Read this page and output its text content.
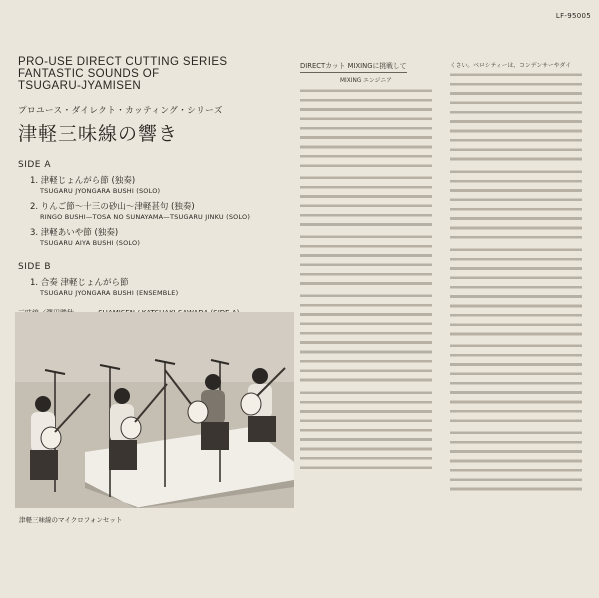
LF-95005
PRO-USE DIRECT CUTTING SERIES
FANTASTIC SOUNDS OF
TSUGARU-JYAMISEN
プロユース・ダイレクト・カッティング・シリーズ
津軽三味線の響き
SIDE A
1. 津軽じょんがら節 (独奏)
TSUGARU JYONGARA BUSHI (SOLO)
2. りんご節〜十三の砂山〜津軽甚句 (独奏)
RINGO BUSHI—TOSA NO SUNAYAMA—TSUGARU JINKU (SOLO)
3. 津軽あいや節 (独奏)
TSUGARU AIYA BUSHI (SOLO)
SIDE B
1. 合奏 津軽じょんがら節
TSUGARU JYONGARA BUSHI (ENSEMBLE)
津軽三味線のマイクロフォンセット
DIRECTカット MIXINGに挑戦して
MIXING エンジニア
くさい。ベロシティーは、コンデンサーやダイ
